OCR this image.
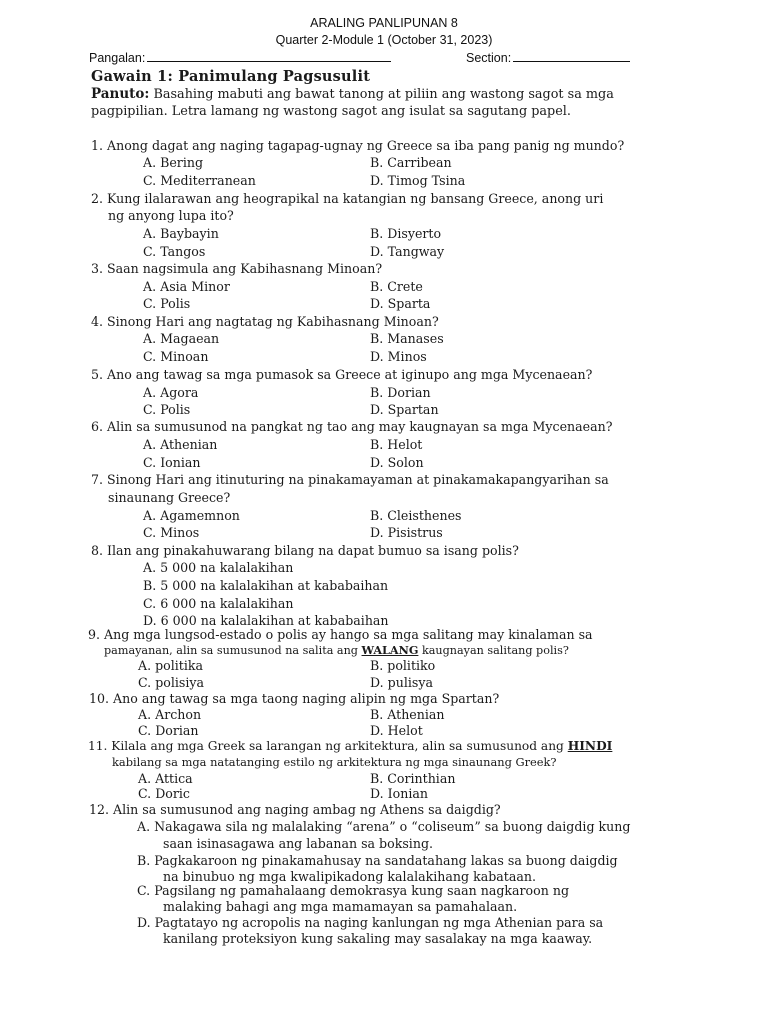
ARALING PANLIPUNAN 8
Quarter 2-Module 1 (October 31, 2023)
Pangalan:	Section:
Gawain 1: Panimulang Pagsusulit
Panuto: Basahing mabuti ang bawat tanong at piliin ang wastong sagot sa mga
pagpipilian. Letra lamang ng wastong sagot ang isulat sa sagutang papel.
1. Anong dagat ang naging tagapag-ugnay ng Greece sa iba pang panig ng mundo?
A. Bering	B. Carribean
C. Mediterranean	D. Timog Tsina
2. Kung ilalarawan ang heograpikal na katangian ng bansang Greece, anong uri
ng anyong lupa ito?
A. Baybayin	B. Disyerto
C. Tangos	D. Tangway
3. Saan nagsimula ang Kabihasnang Minoan?
A. Asia Minor	B. Crete
C. Polis	D. Sparta
4. Sinong Hari ang nagtatag ng Kabihasnang Minoan?
A. Magaean	B. Manases
C. Minoan	D. Minos
5. Ano ang tawag sa mga pumasok sa Greece at iginupo ang mga Mycenaean?
A. Agora	B. Dorian
C. Polis	D. Spartan
6. Alin sa sumusunod na pangkat ng tao ang may kaugnayan sa mga Mycenaean?
A. Athenian	B. Helot
C. Ionian	D. Solon
7. Sinong Hari ang itinuturing na pinakamayaman at pinakamakapangyarihan sa
sinaunang Greece?
A. Agamemnon	B. Cleisthenes
C. Minos	D. Pisistrus
8. Ilan ang pinakahuwarang bilang na dapat bumuo sa isang polis?
A. 5 000 na kalalakihan
B. 5 000 na kalalakihan at kababaihan
C. 6 000 na kalalakihan
D. 6 000 na kalalakihan at kababaihan
9. Ang mga lungsod-estado o polis ay hango sa mga salitang may kinalaman sa
pamayanan, alin sa sumusunod na salita ang WALANG kaugnayan salitang polis?
A. politika	B. politiko
C. polisiya	D. pulisya
10. Ano ang tawag sa mga taong naging alipin ng mga Spartan?
A. Archon	B. Athenian
C. Dorian	D. Helot
11. Kilala ang mga Greek sa larangan ng arkitektura, alin sa sumusunod ang HINDI
kabilang sa mga natatanging estilo ng arkitektura ng mga sinaunang Greek?
A. Attica	B. Corinthian
C. Doric	D. Ionian
12. Alin sa sumusunod ang naging ambag ng Athens sa daigdig?
A. Nakagawa sila ng malalaking “arena” o “coliseum” sa buong daigdig kung
saan isinasagawa ang labanan sa boksing.
B. Pagkakaroon ng pinakamahusay na sandatahang lakas sa buong daigdig
na binubuo ng mga kwalipikadong kalalakihang kabataan.
C. Pagsilang ng pamahalaang demokrasya kung saan nagkaroon ng
malaking bahagi ang mga mamamayan sa pamahalaan.
D. Pagtatayo ng acropolis na naging kanlungan ng mga Athenian para sa
kanilang proteksiyon kung sakaling may sasalakay na mga kaaway.
